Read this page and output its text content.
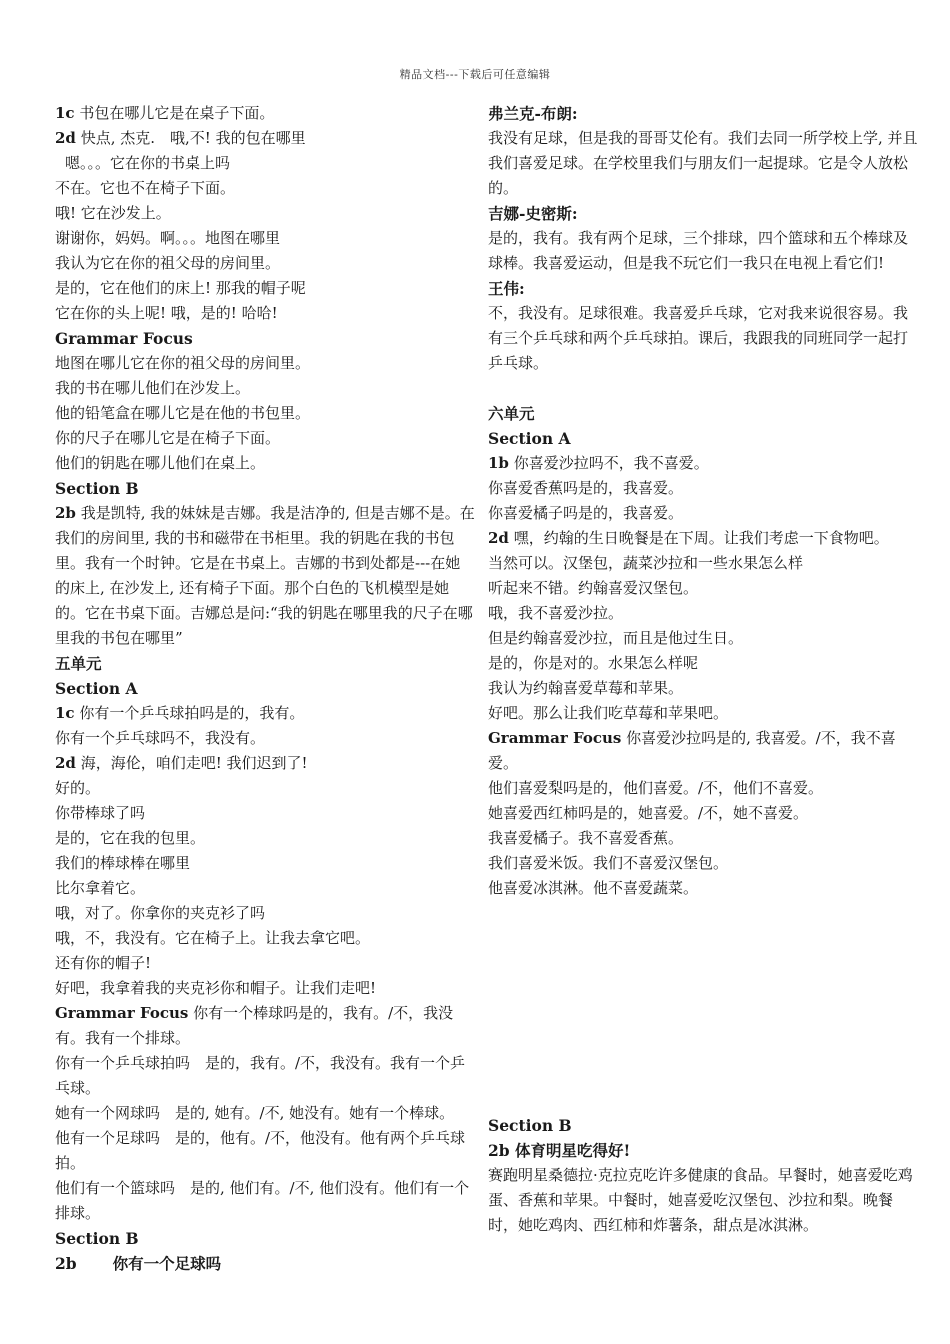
精品文档---下载后可任意编辑

1c 书包在哪儿它是在桌子下面。

2d 快点, 杰克.　哦,不! 我的包在哪里

嗯。。。它在你的书桌上吗

不在。它也不在椅子下面。

哦! 它在沙发上。

谢谢你，妈妈。啊。。。地图在哪里

我认为它在你的祖父母的房间里。

是的，它在他们的床上! 那我的帽子呢

它在你的头上呢! 哦，是的! 哈哈!

Grammar Focus

地图在哪儿它在你的祖父母的房间里。

我的书在哪儿他们在沙发上。

他的铅笔盒在哪儿它是在他的书包里。

你的尺子在哪儿它是在椅子下面。

他们的钥匙在哪儿他们在桌上。

Section B

2b 我是凯特, 我的妹妹是吉娜。我是洁净的, 但是吉娜不是。在我们的房间里, 我的书和磁带在书柜里。我的钥匙在我的书包里。我有一个时钟。它是在书桌上。吉娜的书到处都是---在她的床上, 在沙发上, 还有椅子下面。那个白色的飞机模型是她的。它在书桌下面。吉娜总是问:“我的钥匙在哪里我的尺子在哪里我的书包在哪里”

五单元

Section A

1c 你有一个乒乓球拍吗是的，我有。

你有一个乒乓球吗不，我没有。

2d 海，海伦，咱们走吧! 我们迟到了!

好的。

你带棒球了吗

是的，它在我的包里。

我们的棒球棒在哪里

比尔拿着它。

哦，对了。你拿你的夹克衫了吗

哦，不，我没有。它在椅子上。让我去拿它吧。

还有你的帽子!

好吧，我拿着我的夹克衫你和帽子。让我们走吧!

Grammar Focus 你有一个棒球吗是的，我有。/不，我没有。我有一个排球。

你有一个乒乓球拍吗　是的，我有。/不，我没有。我有一个乒乓球。

她有一个网球吗　是的, 她有。/不, 她没有。她有一个棒球。

他有一个足球吗　是的，他有。/不，他没有。他有两个乒乓球拍。

他们有一个篮球吗　是的, 他们有。/不, 他们没有。他们有一个排球。

Section B

2b 你有一个足球吗

弗兰克-布朗:

我没有足球，但是我的哥哥艾伦有。我们去同一所学校上学, 并且我们喜爱足球。在学校里我们与朋友们一起提球。它是令人放松的。

吉娜-史密斯:

是的，我有。我有两个足球，三个排球，四个篮球和五个棒球及球棒。我喜爱运动，但是我不玩它们一我只在电视上看它们!

王伟:

不，我没有。足球很难。我喜爱乒乓球，它对我来说很容易。我有三个乒乓球和两个乒乓球拍。课后，我跟我的同班同学一起打乒乓球。

六单元

Section A

1b 你喜爱沙拉吗不，我不喜爱。

你喜爱香蕉吗是的，我喜爱。

你喜爱橘子吗是的，我喜爱。

2d 嘿，约翰的生日晚餐是在下周。让我们考虑一下食物吧。

当然可以。汉堡包，蔬菜沙拉和一些水果怎么样

听起来不错。约翰喜爱汉堡包。

哦，我不喜爱沙拉。

但是约翰喜爱沙拉，而且是他过生日。

是的，你是对的。水果怎么样呢

我认为约翰喜爱草莓和苹果。

好吧。那么让我们吃草莓和苹果吧。

Grammar Focus 你喜爱沙拉吗是的, 我喜爱。/不，我不喜爱。

他们喜爱梨吗是的，他们喜爱。/不，他们不喜爱。

她喜爱西红柿吗是的，她喜爱。/不，她不喜爱。

我喜爱橘子。我不喜爱香蕉。

我们喜爱米饭。我们不喜爱汉堡包。

他喜爱冰淇淋。他不喜爱蔬菜。

Section B

2b 体育明星吃得好!

赛跑明星桑德拉·克拉克吃许多健康的食品。早餐时，她喜爱吃鸡蛋、香蕉和苹果。中餐时，她喜爱吃汉堡包、沙拉和梨。晚餐时，她吃鸡肉、西红柿和炸薯条，甜点是冰淇淋。
